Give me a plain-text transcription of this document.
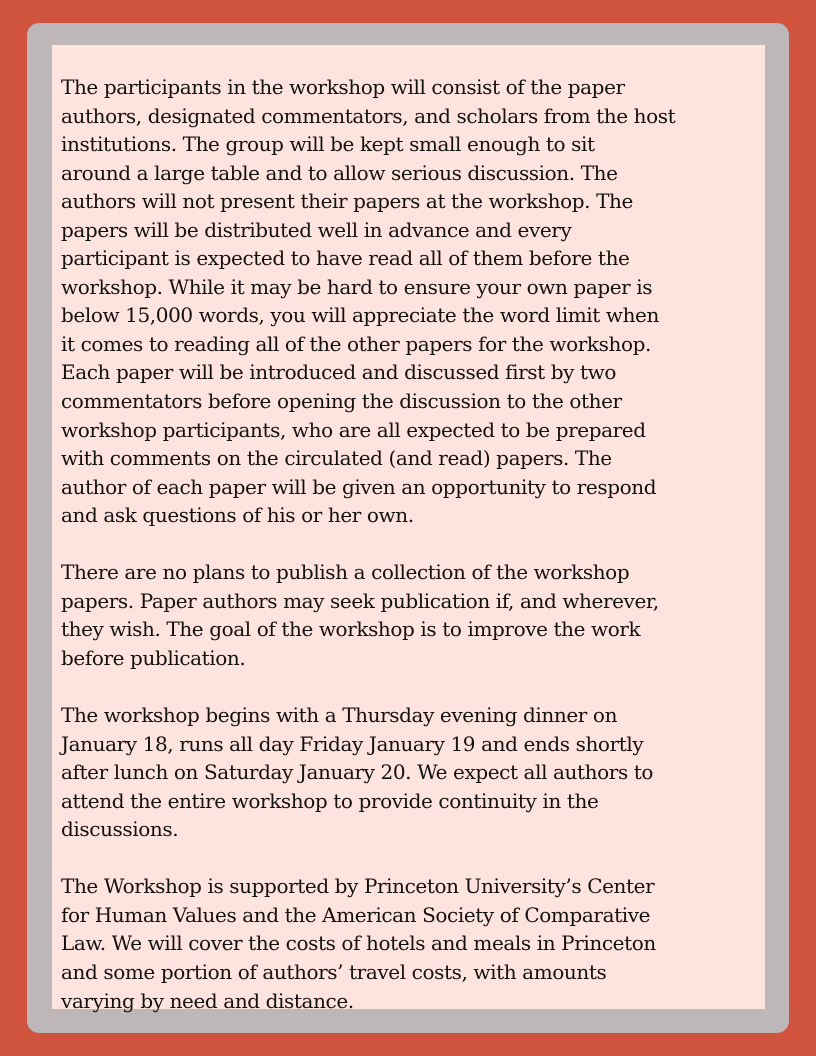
The participants in the workshop will consist of the paper
authors, designated commentators, and scholars from the host
institutions. The group will be kept small enough to sit
around a large table and to allow serious discussion. The
authors will not present their papers at the workshop. The
papers will be distributed well in advance and every
participant is expected to have read all of them before the
workshop. While it may be hard to ensure your own paper is
below 15,000 words, you will appreciate the word limit when
it comes to reading all of the other papers for the workshop.
Each paper will be introduced and discussed first by two
commentators before opening the discussion to the other
workshop participants, who are all expected to be prepared
with comments on the circulated (and read) papers. The
author of each paper will be given an opportunity to respond
and ask questions of his or her own.

There are no plans to publish a collection of the workshop
papers. Paper authors may seek publication if, and wherever,
they wish. The goal of the workshop is to improve the work
before publication.

The workshop begins with a Thursday evening dinner on
January 18, runs all day Friday January 19 and ends shortly
after lunch on Saturday January 20. We expect all authors to
attend the entire workshop to provide continuity in the
discussions.

The Workshop is supported by Princeton University’s Center
for Human Values and the American Society of Comparative
Law. We will cover the costs of hotels and meals in Princeton
and some portion of authors’ travel costs, with amounts
varying by need and distance.
